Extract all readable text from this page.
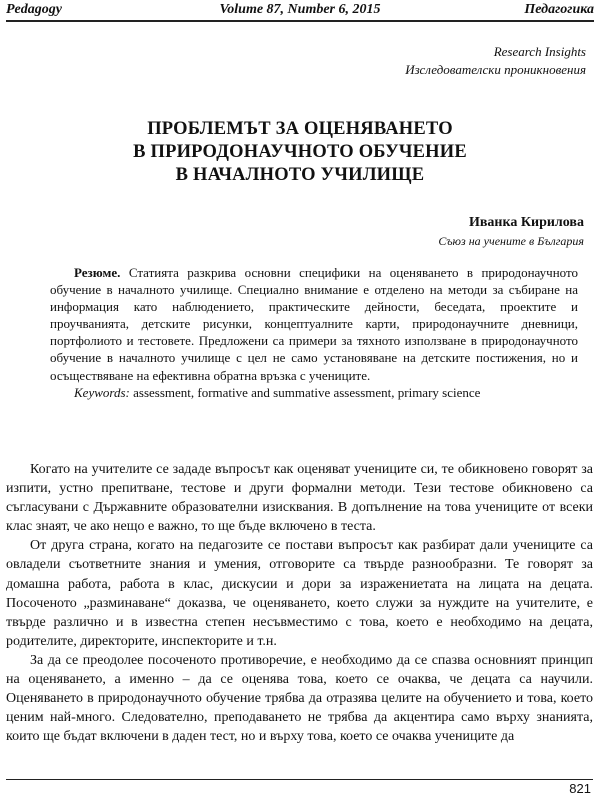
Pedagogy	Volume 87, Number 6, 2015	Педагогика
Research Insights
Изследователски проникновения
ПРОБЛЕМЪТ ЗА ОЦЕНЯВАНЕТО
В ПРИРОДОНАУЧНОТО ОБУЧЕНИЕ
В НАЧАЛНОТО УЧИЛИЩЕ
Иванка Кирилова
Съюз на учените в България

Резюме. Статията разкрива основни специфики на оценяването в природонаучното обучение в началното училище. Специално внимание е отделено на методи за събиране на информация като наблюдението, практическите дейности, беседата, проектите и проучванията, детските рисунки, концептуалните карти, природонаучните дневници, портфолиото и тестовете. Предложени са примери за тяхното използване в природонаучното обучение в началното училище с цел не само установяване на детските постижения, но и осъществяване на ефективна обратна връзка с учениците.

Keywords: assessment, formative and summative assessment, primary science

Когато на учителите се зададе въпросът как оценяват учениците си, те обикновено говорят за изпити, устно препитване, тестове и други формални методи. Тези тестове обикновено са съгласувани с Държавните образователни изисквания. В допълнение на това учениците от всеки клас знаят, че ако нещо е важно, то ще бъде включено в теста.

От друга страна, когато на педагозите се постави въпросът как разбират дали учениците са овладели съответните знания и умения, отговорите са твърде разнообразни. Те говорят за домашна работа, работа в клас, дискусии и дори за изражениeтата на лицата на децата. Посоченото „разминаване“ доказва, че оценяването, което служи за нуждите на учителите, е твърде различно и в известна степен несъвместимо с това, което е необходимо на децата, родителите, директорите, инспекторите и т.н.

За да се преодолее посоченото противоречие, е необходимо да се спазва основният принцип на оценяването, а именно – да се оценява това, което се очаква, че децата са научили. Оценяването в природонаучното обучение трябва да отразява целите на обучението и това, което ценим най-много. Следователно, преподаването не трябва да акцентира само върху знанията, които ще бъдат включени в даден тест, но и върху това, което се очаква учениците да

821
